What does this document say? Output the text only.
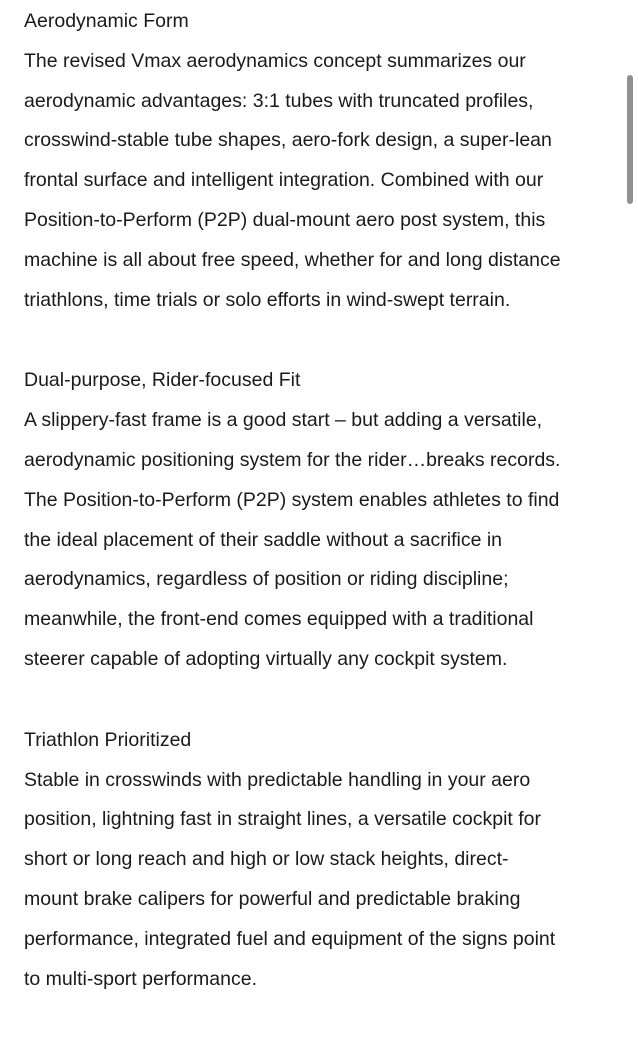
Aerodynamic Form

The revised Vmax aerodynamics concept summarizes our
aerodynamic advantages: 3:1 tubes with truncated profiles,
crosswind-stable tube shapes, aero-fork design, a super-lean
frontal surface and intelligent integration. Combined with our
Position-to-Perform (P2P) dual-mount aero post system, this
machine is all about free speed, whether for and long distance
triathlons, time trials or solo efforts in wind-swept terrain.

Dual-purpose, Rider-focused Fit

A slippery-fast frame is a good start – but adding a versatile,
aerodynamic positioning system for the rider…breaks records.
The Position-to-Perform (P2P) system enables athletes to find
the ideal placement of their saddle without a sacrifice in
aerodynamics, regardless of position or riding discipline;
meanwhile, the front-end comes equipped with a traditional
steerer capable of adopting virtually any cockpit system.

Triathlon Prioritized

Stable in crosswinds with predictable handling in your aero
position, lightning fast in straight lines, a versatile cockpit for
short or long reach and high or low stack heights, direct-
mount brake calipers for powerful and predictable braking
performance, integrated fuel and equipment of the signs point
to multi-sport performance.
